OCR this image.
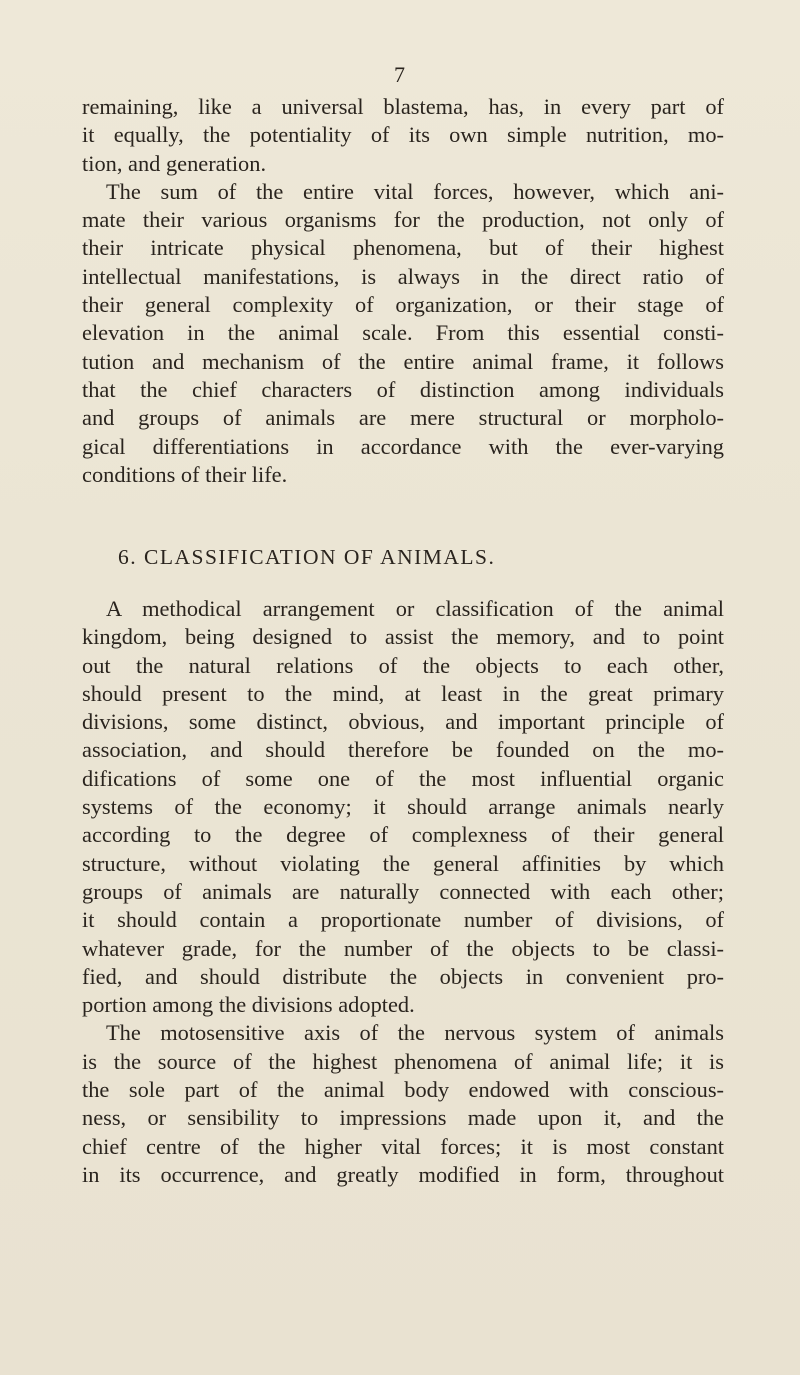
7
remaining, like a universal blastema, has, in every part of
it equally, the potentiality of its own simple nutrition, mo-
tion, and generation.
The sum of the entire vital forces, however, which ani-
mate their various organisms for the production, not only of
their intricate physical phenomena, but of their highest
intellectual manifestations, is always in the direct ratio of
their general complexity of organization, or their stage of
elevation in the animal scale. From this essential consti-
tution and mechanism of the entire animal frame, it follows
that the chief characters of distinction among individuals
and groups of animals are mere structural or morpholo-
gical differentiations in accordance with the ever-varying
conditions of their life.
6. CLASSIFICATION OF ANIMALS.
A methodical arrangement or classification of the animal
kingdom, being designed to assist the memory, and to point
out the natural relations of the objects to each other,
should present to the mind, at least in the great primary
divisions, some distinct, obvious, and important principle of
association, and should therefore be founded on the mo-
difications of some one of the most influential organic
systems of the economy; it should arrange animals nearly
according to the degree of complexness of their general
structure, without violating the general affinities by which
groups of animals are naturally connected with each other;
it should contain a proportionate number of divisions, of
whatever grade, for the number of the objects to be classi-
fied, and should distribute the objects in convenient pro-
portion among the divisions adopted.
The motosensitive axis of the nervous system of animals
is the source of the highest phenomena of animal life; it is
the sole part of the animal body endowed with conscious-
ness, or sensibility to impressions made upon it, and the
chief centre of the higher vital forces; it is most constant
in its occurrence, and greatly modified in form, throughout
